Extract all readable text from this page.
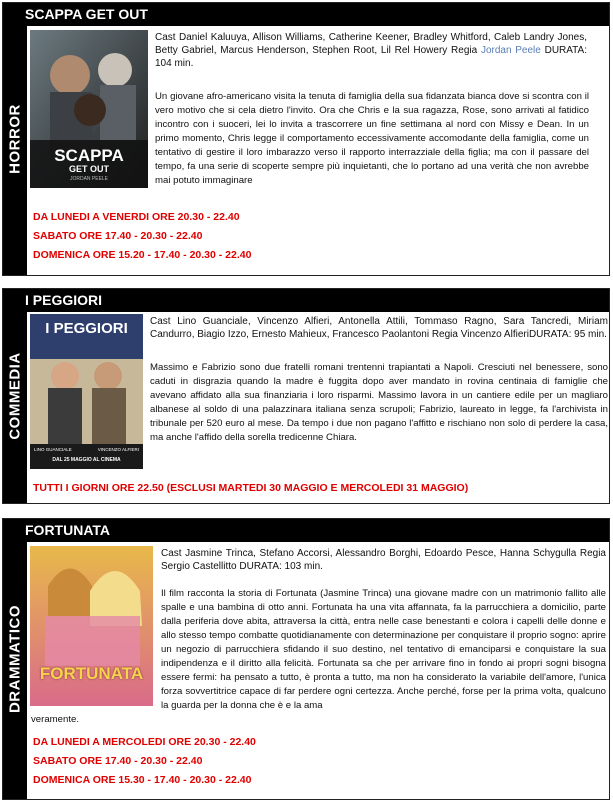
HORROR
SCAPPA GET OUT
SCAPPA
GET OUT
JORDAN PEELE
Cast Daniel Kaluuya, Allison Williams, Catherine Keener, Bradley Whitford, Caleb Landry Jones, Betty Gabriel, Marcus Henderson, Stephen Root, Lil Rel Howery Regia Jordan Peele DURATA: 104 min.
Un giovane afro-americano visita la tenuta di famiglia della sua fidanzata bianca dove si scontra con il vero motivo che si cela dietro l'invito. Ora che Chris e la sua ragazza, Rose, sono arrivati al fatidico incontro con i suoceri, lei lo invita a trascorrere un fine settimana al nord con Missy e Dean. In un primo momento, Chris legge il comportamento eccessivamente accomodante della famiglia, come un tentativo di gestire il loro imbarazzo verso il rapporto interrazziale della figlia; ma con il passare del tempo, fa una serie di scoperte sempre più inquietanti, che lo portano ad una verità che non avrebbe mai potuto immaginare
DA LUNEDI A VENERDI ORE 20.30 - 22.40
SABATO ORE 17.40 - 20.30 - 22.40
DOMENICA ORE 15.20 - 17.40 - 20.30 - 22.40
COMMEDIA
I PEGGIORI
I PEGGIORI
LINO GUANCIALE	VINCENZO ALFIERI
DAL 25 MAGGIO AL CINEMA
Cast Lino Guanciale, Vincenzo Alfieri, Antonella Attili, Tommaso Ragno, Sara Tancredi, Miriam Candurro, Biagio Izzo, Ernesto Mahieux, Francesco Paolantoni Regia Vincenzo AlfieriDURATA: 95 min.
Massimo e Fabrizio sono due fratelli romani trentenni trapiantati a Napoli. Cresciuti nel benessere, sono caduti in disgrazia quando la madre è fuggita dopo aver mandato in rovina centinaia di famiglie che avevano affidato alla sua finanziaria i loro risparmi. Massimo lavora in un cantiere edile per un magliaro albanese al soldo di una palazzinara italiana senza scrupoli; Fabrizio, laureato in legge, fa l'archivista in tribunale per 520 euro al mese. Da tempo i due non pagano l'affitto e rischiano non solo di perdere la casa, ma anche l'affido della sorella tredicenne Chiara.
TUTTI I GIORNI ORE 22.50 (ESCLUSI MARTEDI 30 MAGGIO E MERCOLEDI 31 MAGGIO)
DRAMMATICO
FORTUNATA
FORTUNATA
Cast Jasmine Trinca, Stefano Accorsi, Alessandro Borghi, Edoardo Pesce, Hanna Schygulla Regia Sergio Castellitto DURATA: 103 min.
Il film racconta la storia di Fortunata (Jasmine Trinca) una giovane madre con un matrimonio fallito alle spalle e una bambina di otto anni. Fortunata ha una vita affannata, fa la parrucchiera a domicilio, parte dalla periferia dove abita, attraversa la città, entra nelle case benestanti e colora i capelli delle donne e allo stesso tempo combatte quotidianamente con determinazione per conquistare il proprio sogno: aprire un negozio di parrucchiera sfidando il suo destino, nel tentativo di emanciparsi e conquistare la sua indipendenza e il diritto alla felicità. Fortunata sa che per arrivare fino in fondo ai propri sogni bisogna essere fermi: ha pensato a tutto, è pronta a tutto, ma non ha considerato la variabile dell'amore, l'unica forza sovvertitrice capace di far perdere ogni certezza. Anche perché, forse per la prima volta, qualcuno la guarda per la donna che è e la ama
veramente.
DA LUNEDI A MERCOLEDI ORE 20.30 - 22.40
SABATO ORE 17.40 - 20.30 - 22.40
DOMENICA ORE 15.30 - 17.40 - 20.30 - 22.40
